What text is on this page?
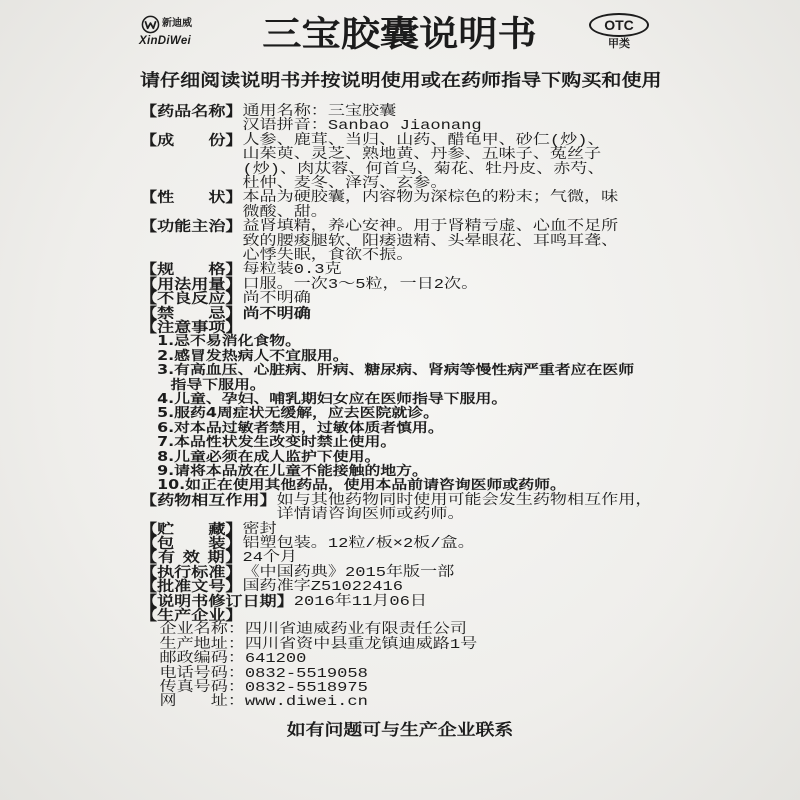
新迪威
XinDiWei	三宝胶囊说明书	OTC
甲类
请仔细阅读说明书并按说明使用或在药师指导下购买和使用
【药品名称】通用名称：三宝胶囊
汉语拼音：Sanbao Jiaonang
【成　　份】人参、鹿茸、当归、山药、醋龟甲、砂仁(炒)、
山茱萸、灵芝、熟地黄、丹参、五味子、菟丝子
(炒)、肉苁蓉、何首乌、菊花、牡丹皮、赤芍、
杜仲、麦冬、泽泻、玄参。
【性　　状】本品为硬胶囊，内容物为深棕色的粉末；气微，味
微酸、甜。
【功能主治】益肾填精，养心安神。用于肾精亏虚、心血不足所
致的腰痠腿软、阳痿遗精、头晕眼花、耳鸣耳聋、
心悸失眠，食欲不振。
【规　　格】每粒装0.3克
【用法用量】口服。一次3～5粒，一日2次。
【不良反应】尚不明确
【禁　　忌】尚不明确
【注意事项】
1.忌不易消化食物。
2.感冒发热病人不宜服用。
3.有高血压、心脏病、肝病、糖尿病、肾病等慢性病严重者应在医师
指导下服用。
4.儿童、孕妇、哺乳期妇女应在医师指导下服用。
5.服药4周症状无缓解，应去医院就诊。
6.对本品过敏者禁用，过敏体质者慎用。
7.本品性状发生改变时禁止使用。
8.儿童必须在成人监护下使用。
9.请将本品放在儿童不能接触的地方。
10.如正在使用其他药品，使用本品前请咨询医师或药师。
【药物相互作用】如与其他药物同时使用可能会发生药物相互作用，
详情请咨询医师或药师。
【贮　　藏】密封
【包　　装】铝塑包装。12粒/板×2板/盒。
【有 效 期】24个月
【执行标准】《中国药典》2015年版一部
【批准文号】国药准字Z51022416
【说明书修订日期】2016年11月06日
【生产企业】
企业名称：四川省迪威药业有限责任公司
生产地址：四川省资中县重龙镇迪威路1号
邮政编码：641200
电话号码：0832-5519058
传真号码：0832-5518975
网　　址：www.diwei.cn
如有问题可与生产企业联系
